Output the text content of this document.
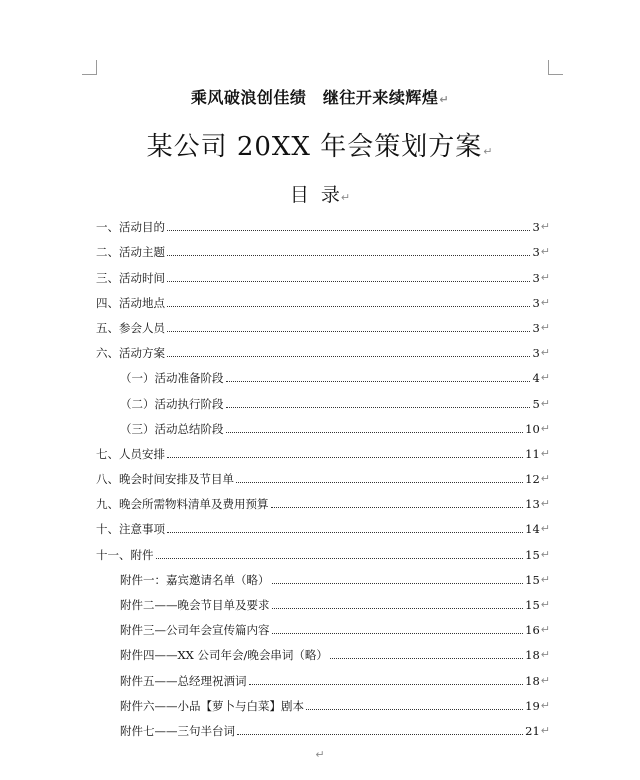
乘风破浪创佳绩　继往开来续辉煌↵
某公司 20XX 年会策划方案↵
目 录↵
一、活动目的	3 ↵
二、活动主题	3 ↵
三、活动时间	3 ↵
四、活动地点	3 ↵
五、参会人员	3 ↵
六、活动方案	3 ↵
（一）活动准备阶段	4 ↵
（二）活动执行阶段	5 ↵
（三）活动总结阶段	10 ↵
七、人员安排	11 ↵
八、晚会时间安排及节目单	12 ↵
九、晚会所需物料清单及费用预算	13 ↵
十、注意事项	14 ↵
十一、附件	15 ↵
附件一：嘉宾邀请名单（略）	15 ↵
附件二——晚会节目单及要求	15 ↵
附件三—公司年会宣传篇内容	16 ↵
附件四——XX 公司年会/晚会串词（略）	18 ↵
附件五——总经理祝酒词	18 ↵
附件六——小品【萝卜与白菜】剧本	19 ↵
附件七——三句半台词	21 ↵
↵
